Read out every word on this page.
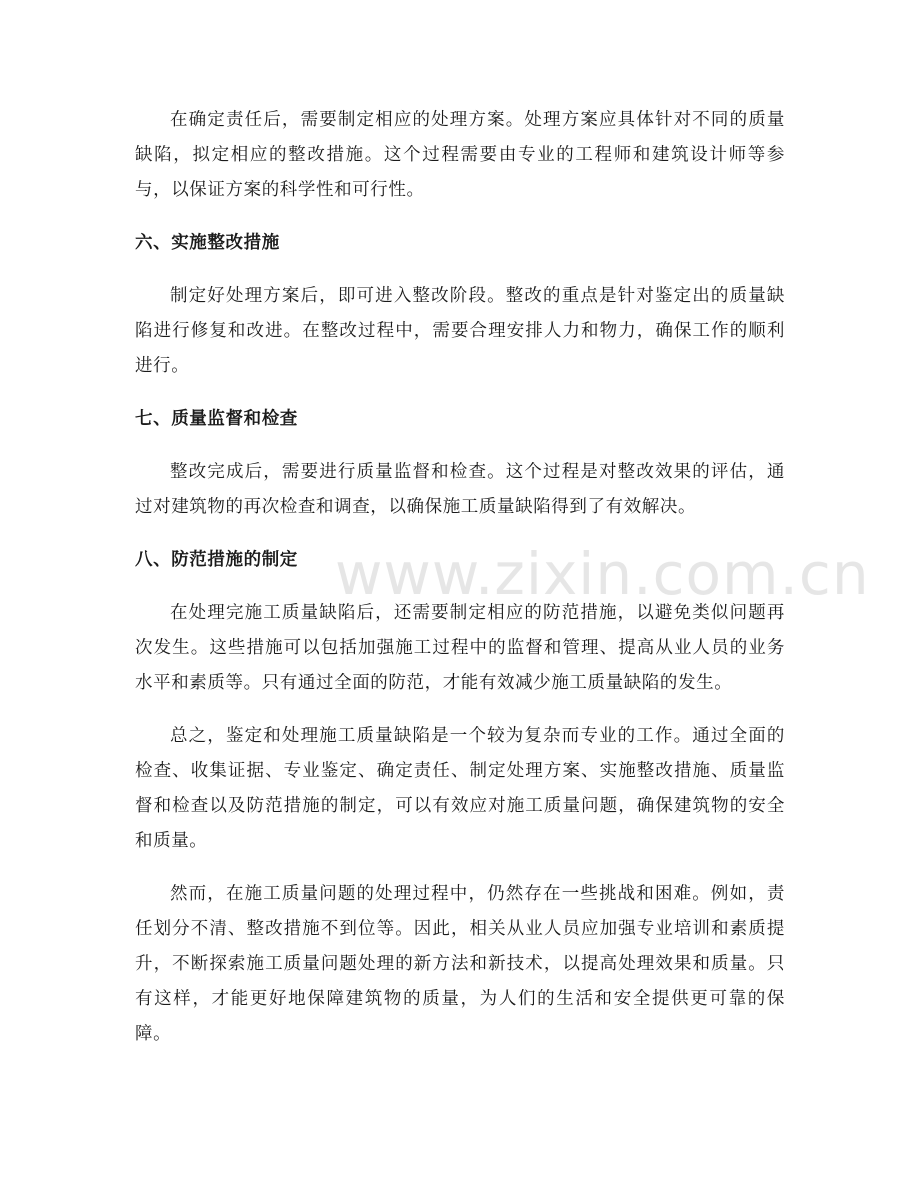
www.zixin.com.cn

在确定责任后，需要制定相应的处理方案。处理方案应具体针对不同的质量缺陷，拟定相应的整改措施。这个过程需要由专业的工程师和建筑设计师等参与，以保证方案的科学性和可行性。

六、实施整改措施

制定好处理方案后，即可进入整改阶段。整改的重点是针对鉴定出的质量缺陷进行修复和改进。在整改过程中，需要合理安排人力和物力，确保工作的顺利进行。

七、质量监督和检查

整改完成后，需要进行质量监督和检查。这个过程是对整改效果的评估，通过对建筑物的再次检查和调查，以确保施工质量缺陷得到了有效解决。

八、防范措施的制定

在处理完施工质量缺陷后，还需要制定相应的防范措施，以避免类似问题再次发生。这些措施可以包括加强施工过程中的监督和管理、提高从业人员的业务水平和素质等。只有通过全面的防范，才能有效减少施工质量缺陷的发生。

总之，鉴定和处理施工质量缺陷是一个较为复杂而专业的工作。通过全面的检查、收集证据、专业鉴定、确定责任、制定处理方案、实施整改措施、质量监督和检查以及防范措施的制定，可以有效应对施工质量问题，确保建筑物的安全和质量。

然而，在施工质量问题的处理过程中，仍然存在一些挑战和困难。例如，责任划分不清、整改措施不到位等。因此，相关从业人员应加强专业培训和素质提升，不断探索施工质量问题处理的新方法和新技术，以提高处理效果和质量。只有这样，才能更好地保障建筑物的质量，为人们的生活和安全提供更可靠的保障。
